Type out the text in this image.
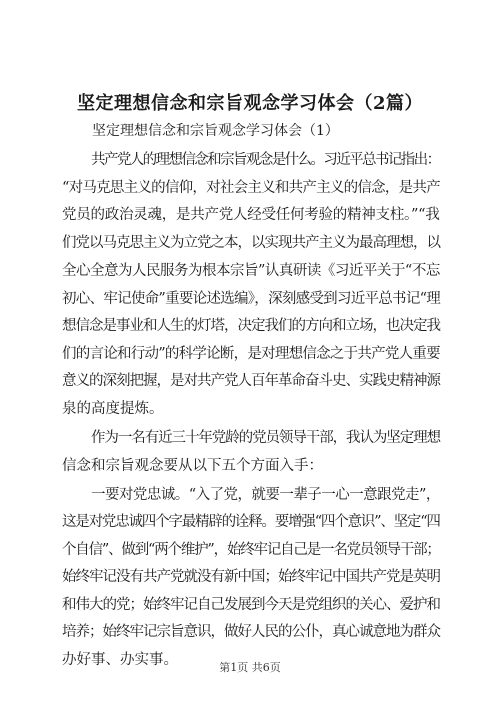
坚定理想信念和宗旨观念学习体会（2篇）
坚定理想信念和宗旨观念学习体会（1）
共产党人的理想信念和宗旨观念是什么。习近平总书记指出：
“对马克思主义的信仰，对社会主义和共产主义的信念，是共产
党员的政治灵魂，是共产党人经受任何考验的精神支柱。”“我
们党以马克思主义为立党之本，以实现共产主义为最高理想，以
全心全意为人民服务为根本宗旨”认真研读《习近平关于“不忘
初心、牢记使命”重要论述选编》，深刻感受到习近平总书记“理
想信念是事业和人生的灯塔，决定我们的方向和立场，也决定我
们的言论和行动”的科学论断，是对理想信念之于共产党人重要
意义的深刻把握，是对共产党人百年革命奋斗史、实践史精神源
泉的高度提炼。
作为一名有近三十年党龄的党员领导干部，我认为坚定理想
信念和宗旨观念要从以下五个方面入手：
一要对党忠诚。“入了党，就要一辈子一心一意跟党走”，
这是对党忠诚四个字最精辟的诠释。要增强“四个意识”、坚定“四
个自信”、做到“两个维护”，始终牢记自己是一名党员领导干部；
始终牢记没有共产党就没有新中国；始终牢记中国共产党是英明
和伟大的党；始终牢记自己发展到今天是党组织的关心、爱护和
培养；始终牢记宗旨意识，做好人民的公仆，真心诚意地为群众
办好事、办实事。	第1页 共6页
